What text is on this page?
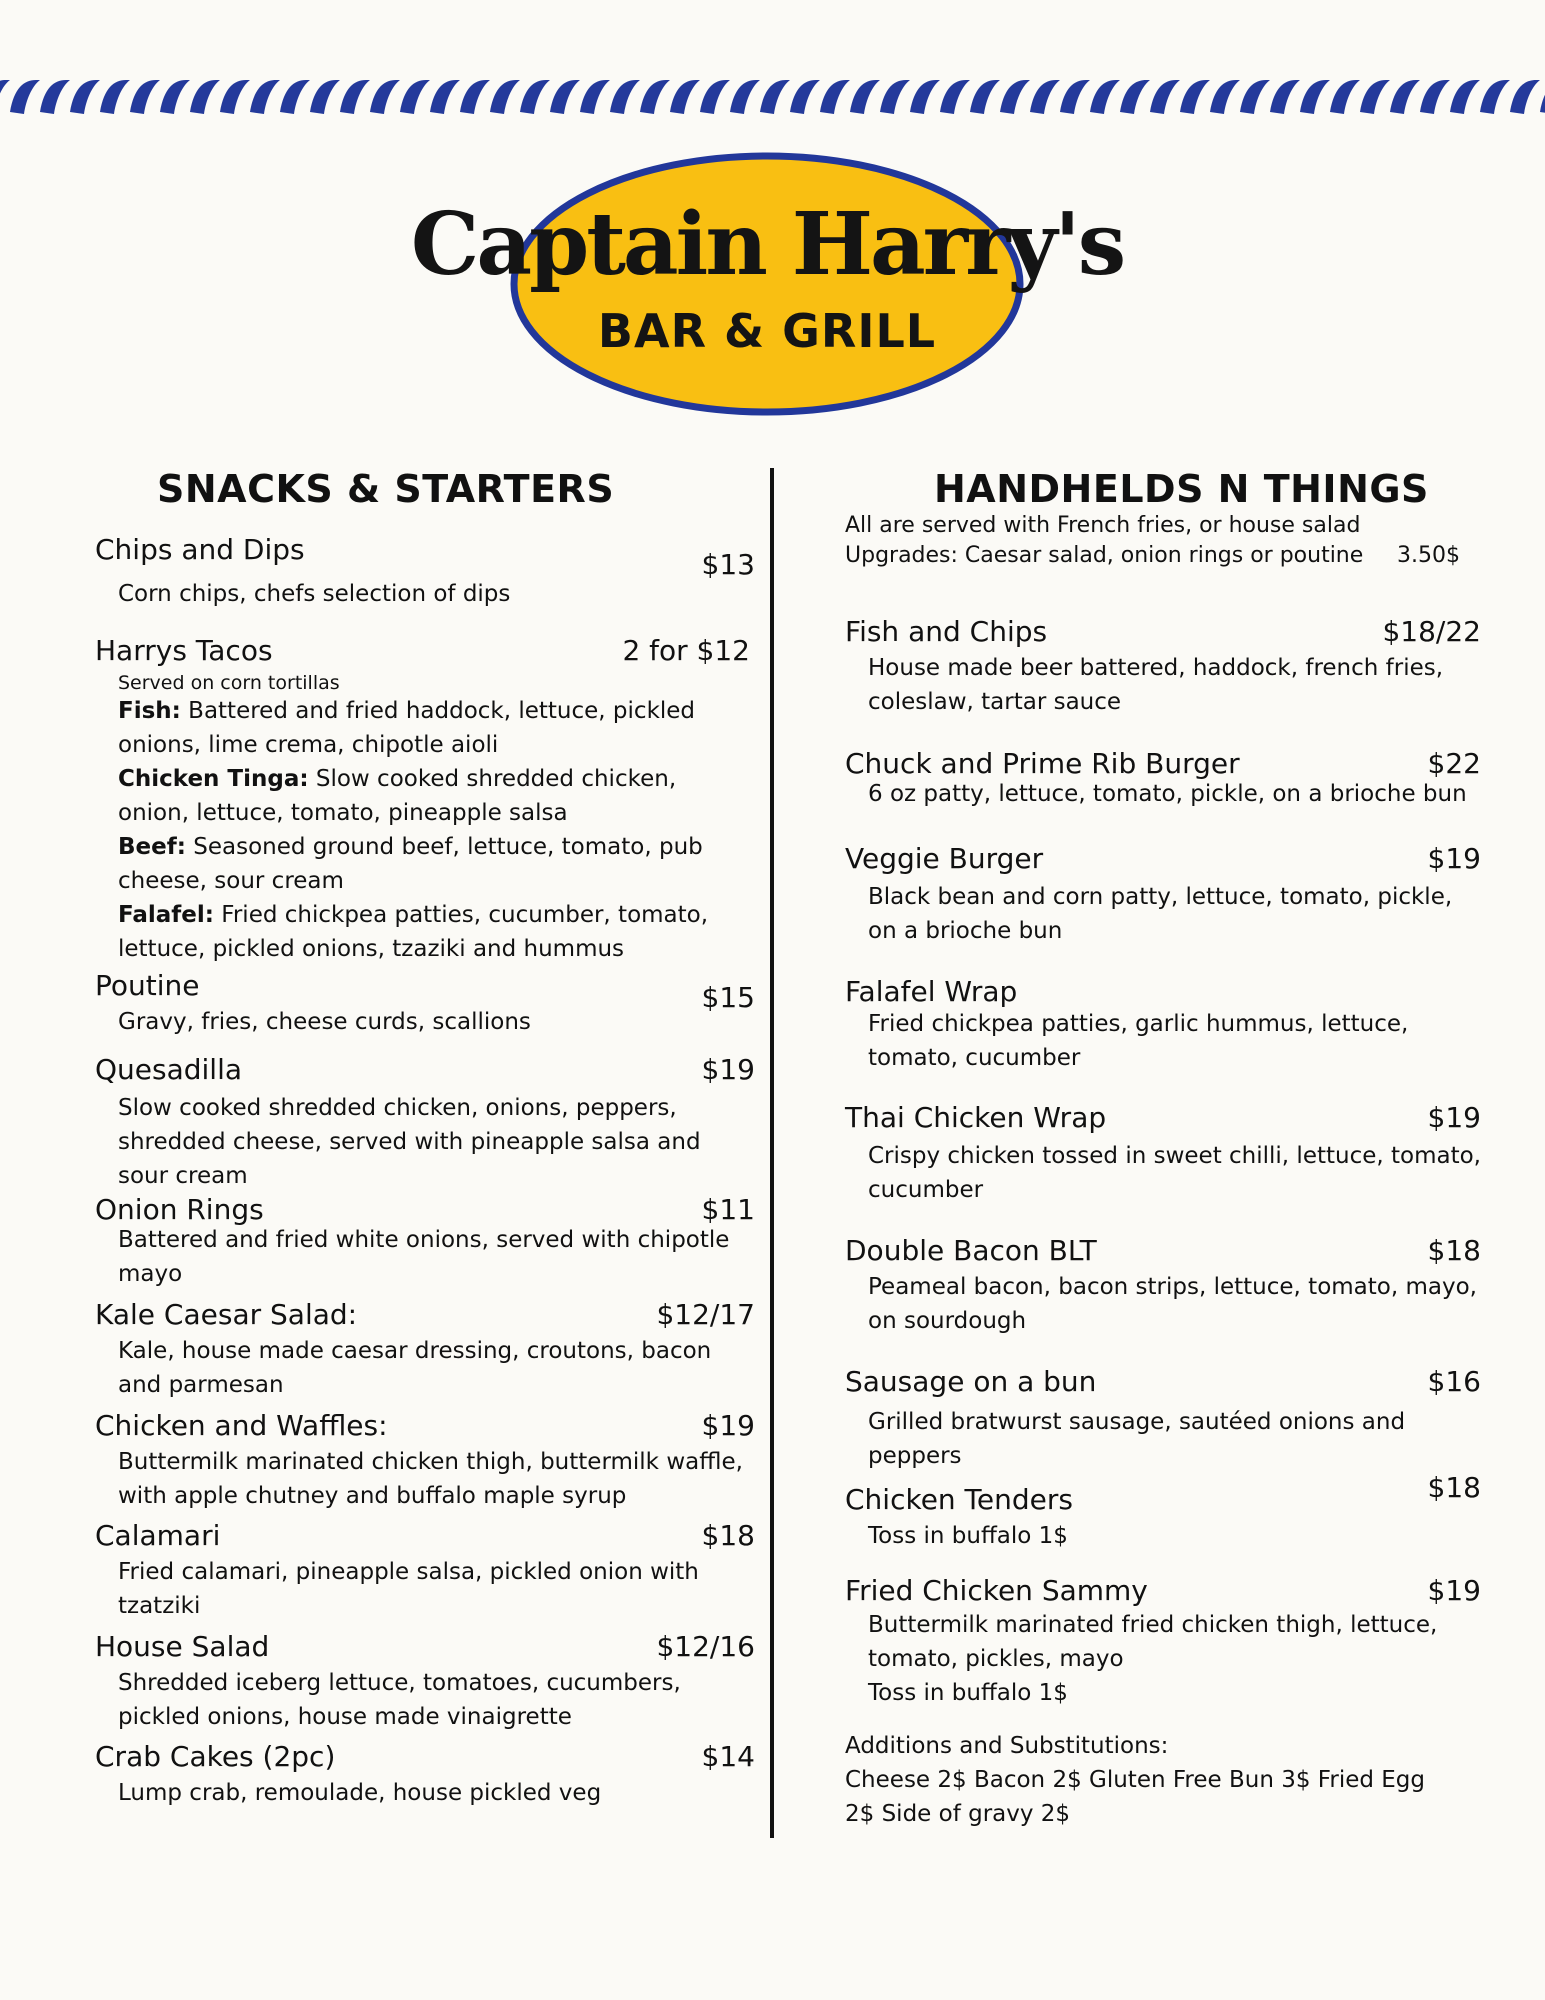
Captain Harry's
BAR & GRILL
SNACKS & STARTERS
Chips and Dips	$13
Corn chips, chefs selection of dips
Harrys Tacos	2 for $12
Served on corn tortillas
Fish: Battered and fried haddock, lettuce, pickled onions, lime crema, chipotle aioli
Chicken Tinga: Slow cooked shredded chicken, onion, lettuce, tomato, pineapple salsa
Beef: Seasoned ground beef, lettuce, tomato, pub cheese, sour cream
Falafel: Fried chickpea patties, cucumber, tomato, lettuce, pickled onions, tzaziki and hummus
Poutine	$15
Gravy, fries, cheese curds, scallions
Quesadilla	$19
Slow cooked shredded chicken, onions, peppers, shredded cheese, served with pineapple salsa and sour cream
Onion Rings	$11
Battered and fried white onions, served with chipotle mayo
Kale Caesar Salad:	$12/17
Kale, house made caesar dressing, croutons, bacon and parmesan
Chicken and Waffles:	$19
Buttermilk marinated chicken thigh, buttermilk waffle, with apple chutney and buffalo maple syrup
Calamari	$18
Fried calamari, pineapple salsa, pickled onion with tzatziki
House Salad	$12/16
Shredded iceberg lettuce, tomatoes, cucumbers, pickled onions, house made vinaigrette
Crab Cakes (2pc)	$14
Lump crab, remoulade, house pickled veg
HANDHELDS N THINGS
All are served with French fries, or house salad
Upgrades: Caesar salad, onion rings or poutine 3.50$
Fish and Chips	$18/22
House made beer battered, haddock, french fries, coleslaw, tartar sauce
Chuck and Prime Rib Burger	$22
6 oz patty, lettuce, tomato, pickle, on a brioche bun
Veggie Burger	$19
Black bean and corn patty, lettuce, tomato, pickle, on a brioche bun
Falafel Wrap
Fried chickpea patties, garlic hummus, lettuce, tomato, cucumber
Thai Chicken Wrap	$19
Crispy chicken tossed in sweet chilli, lettuce, tomato, cucumber
Double Bacon BLT	$18
Peameal bacon, bacon strips, lettuce, tomato, mayo, on sourdough
Sausage on a bun	$16
Grilled bratwurst sausage, sautéed onions and peppers
Chicken Tenders	$18
Toss in buffalo 1$
Fried Chicken Sammy	$19
Buttermilk marinated fried chicken thigh, lettuce, tomato, pickles, mayo
Toss in buffalo 1$
Additions and Substitutions:
Cheese 2$ Bacon 2$ Gluten Free Bun 3$ Fried Egg 2$ Side of gravy 2$
